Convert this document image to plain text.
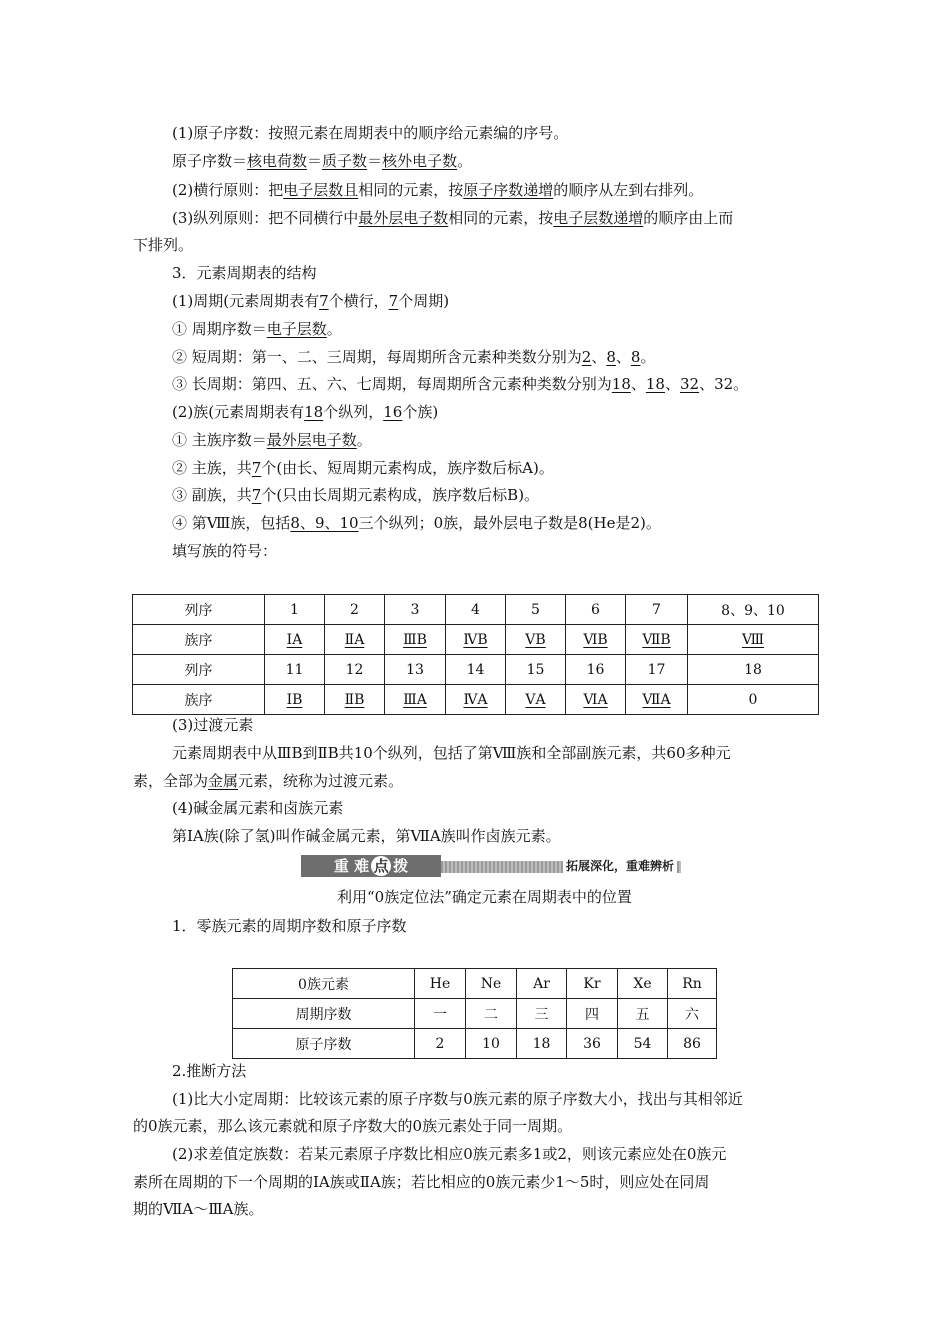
(1)原子序数：按照元素在周期表中的顺序给元素编的序号。
原子序数＝核电荷数＝质子数＝核外电子数。
(2)横行原则：把电子层数且相同的元素，按原子序数递增的顺序从左到右排列。
(3)纵列原则：把不同横行中最外层电子数相同的元素，按电子层数递增的顺序由上而
下排列。
3．元素周期表的结构
(1)周期(元素周期表有7个横行，7个周期)
① 周期序数＝电子层数。
② 短周期：第一、二、三周期，每周期所含元素种类数分别为2、8、8。
③ 长周期：第四、五、六、七周期，每周期所含元素种类数分别为18、18、32、32。
(2)族(元素周期表有18个纵列，16个族)
① 主族序数＝最外层电子数。
② 主族，共7个(由长、短周期元素构成，族序数后标A)。
③ 副族，共7个(只由长周期元素构成，族序数后标B)。
④ 第Ⅷ族，包括8、9、10三个纵列；0族，最外层电子数是8(He是2)。
填写族的符号：
列序	1	2	3	4	5	6	7	8、9、10
族序	ⅠA	ⅡA	ⅢB	ⅣB	ⅤB	ⅥB	ⅦB	Ⅷ
列序	11	12	13	14	15	16	17	18
族序	ⅠB	ⅡB	ⅢA	ⅣA	ⅤA	ⅥA	ⅦA	0
(3)过渡元素
元素周期表中从ⅢB到ⅡB共10个纵列，包括了第Ⅷ族和全部副族元素，共60多种元
素，全部为金属元素，统称为过渡元素。
(4)碱金属元素和卤族元素
第ⅠA族(除了氢)叫作碱金属元素，第ⅦA族叫作卤族元素。
重 难 点 拨	拓展深化，重难辨析
利用“0族定位法”确定元素在周期表中的位置
1．零族元素的周期序数和原子序数
0族元素	He	Ne	Ar	Kr	Xe	Rn
周期序数	一	二	三	四	五	六
原子序数	2	10	18	36	54	86
2.推断方法
(1)比大小定周期：比较该元素的原子序数与0族元素的原子序数大小，找出与其相邻近
的0族元素，那么该元素就和原子序数大的0族元素处于同一周期。
(2)求差值定族数：若某元素原子序数比相应0族元素多1或2，则该元素应处在0族元
素所在周期的下一个周期的ⅠA族或ⅡA族；若比相应的0族元素少1～5时，则应处在同周
期的ⅦA～ⅢA族。
